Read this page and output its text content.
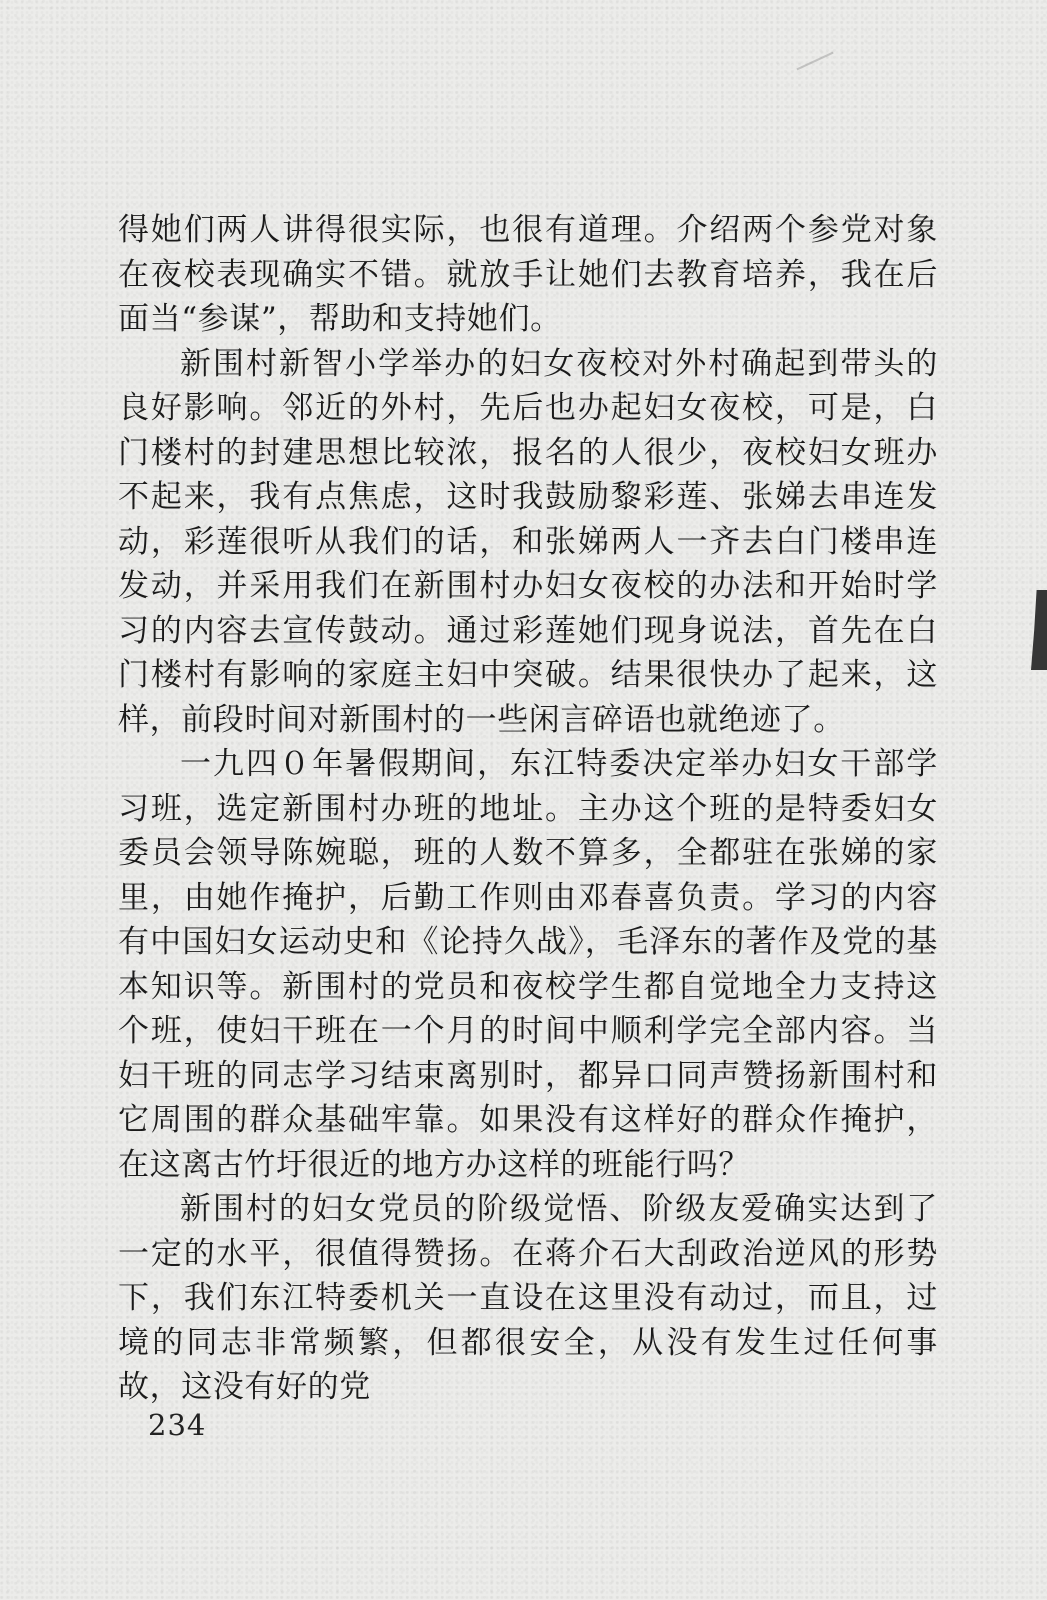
得她们两人讲得很实际，也很有道理。介绍两个参党对象在夜校表现确实不错。就放手让她们去教育培养，我在后面当“参谋”，帮助和支持她们。

新围村新智小学举办的妇女夜校对外村确起到带头的良好影响。邻近的外村，先后也办起妇女夜校，可是，白门楼村的封建思想比较浓，报名的人很少，夜校妇女班办不起来，我有点焦虑，这时我鼓励黎彩莲、张娣去串连发动，彩莲很听从我们的话，和张娣两人一齐去白门楼串连发动，并采用我们在新围村办妇女夜校的办法和开始时学习的内容去宣传鼓动。通过彩莲她们现身说法，首先在白门楼村有影响的家庭主妇中突破。结果很快办了起来，这样，前段时间对新围村的一些闲言碎语也就绝迹了。

一九四０年暑假期间，东江特委决定举办妇女干部学习班，选定新围村办班的地址。主办这个班的是特委妇女委员会领导陈婉聪，班的人数不算多，全都驻在张娣的家里，由她作掩护，后勤工作则由邓春喜负责。学习的内容有中国妇女运动史和《论持久战》，毛泽东的著作及党的基本知识等。新围村的党员和夜校学生都自觉地全力支持这个班，使妇干班在一个月的时间中顺利学完全部内容。当妇干班的同志学习结束离别时，都异口同声赞扬新围村和它周围的群众基础牢靠。如果没有这样好的群众作掩护，在这离古竹圩很近的地方办这样的班能行吗？

新围村的妇女党员的阶级觉悟、阶级友爱确实达到了一定的水平，很值得赞扬。在蒋介石大刮政治逆风的形势下，我们东江特委机关一直设在这里没有动过，而且，过境的同志非常频繁，但都很安全，从没有发生过任何事故，这没有好的党

234
